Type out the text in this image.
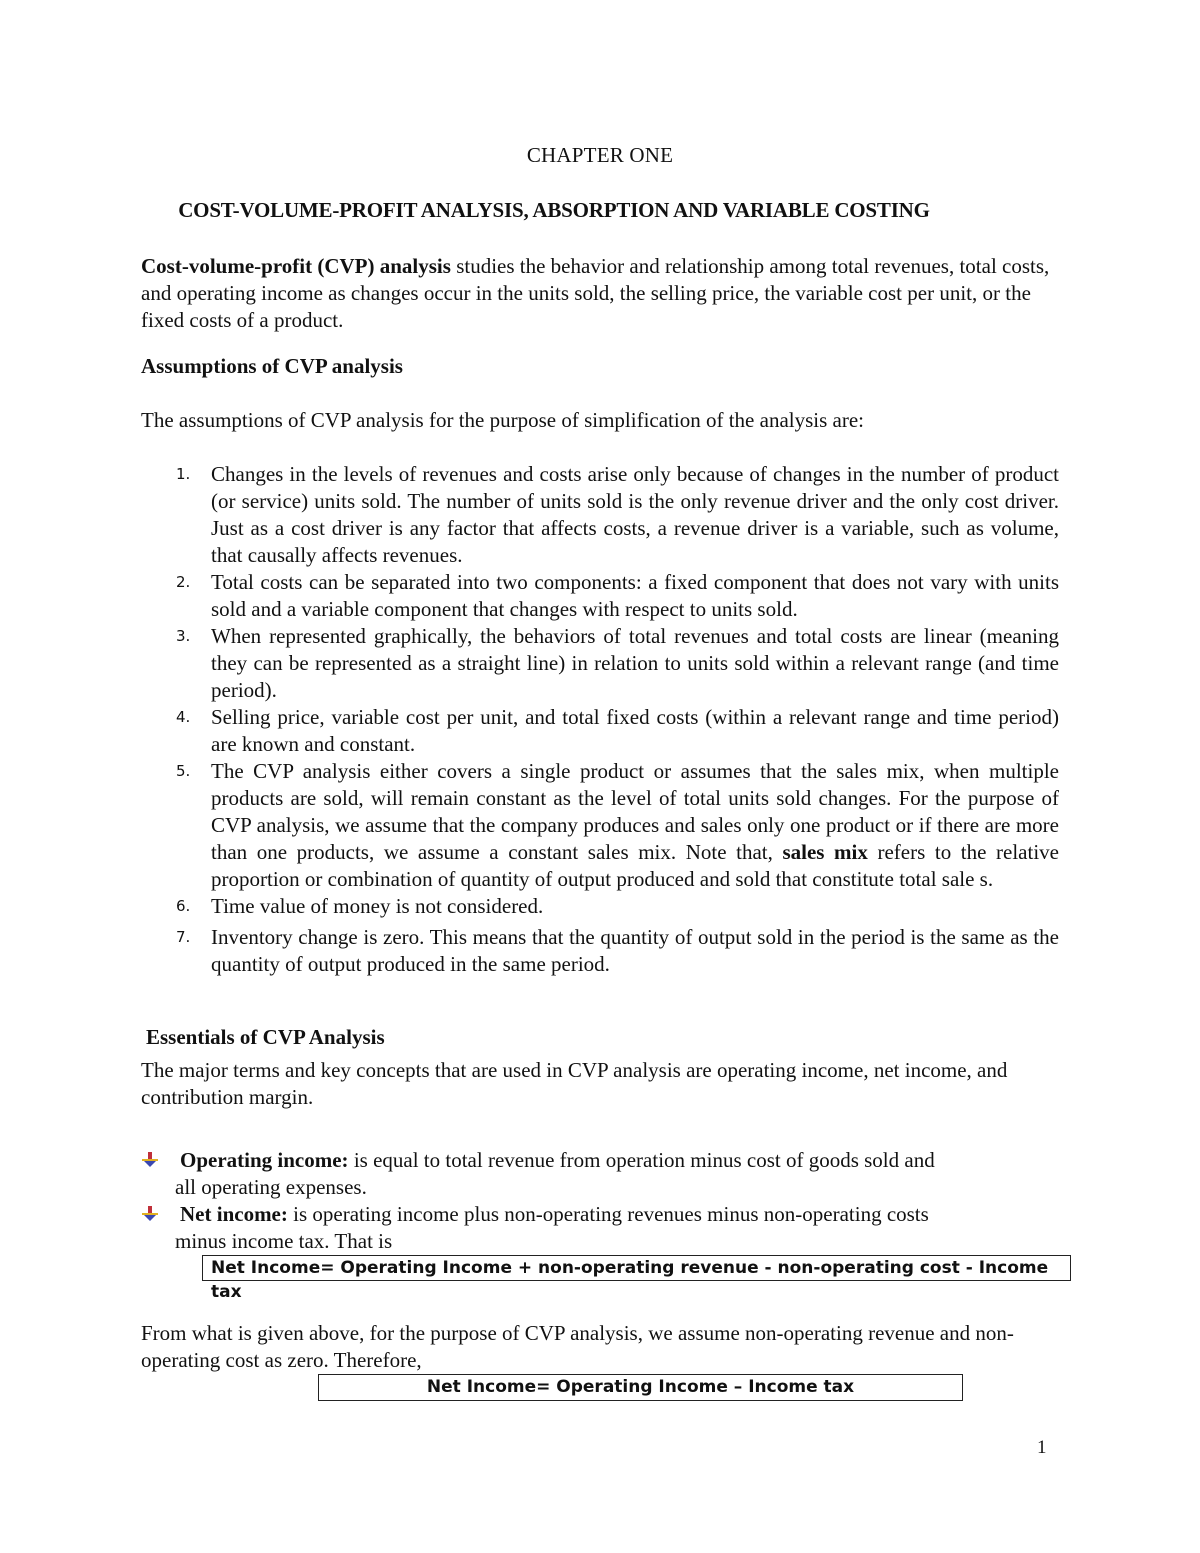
CHAPTER ONE

COST-VOLUME-PROFIT ANALYSIS, ABSORPTION AND VARIABLE COSTING

Cost-volume-profit (CVP) analysis studies the behavior and relationship among total revenues, total costs, and operating income as changes occur in the units sold, the selling price, the variable cost per unit, or the fixed costs of a product.

Assumptions of CVP analysis

The assumptions of CVP analysis for the purpose of simplification of the analysis are:

1. Changes in the levels of revenues and costs arise only because of changes in the number of product (or service) units sold. The number of units sold is the only revenue driver and the only cost driver. Just as a cost driver is any factor that affects costs, a revenue driver is a variable, such as volume, that causally affects revenues.
2. Total costs can be separated into two components: a fixed component that does not vary with units sold and a variable component that changes with respect to units sold.
3. When represented graphically, the behaviors of total revenues and total costs are linear (meaning they can be represented as a straight line) in relation to units sold within a relevant range (and time period).
4. Selling price, variable cost per unit, and total fixed costs (within a relevant range and time period) are known and constant.
5. The CVP analysis either covers a single product or assumes that the sales mix, when multiple products are sold, will remain constant as the level of total units sold changes. For the purpose of CVP analysis, we assume that the company produces and sales only one product or if there are more than one products, we assume a constant sales mix. Note that, sales mix refers to the relative proportion or combination of quantity of output produced and sold that constitute total sale s.
6. Time value of money is not considered.
7. Inventory change is zero. This means that the quantity of output sold in the period is the same as the quantity of output produced in the same period.

Essentials of CVP Analysis

The major terms and key concepts that are used in CVP analysis are operating income, net income, and contribution margin.

Operating income: is equal to total revenue from operation minus cost of goods sold and
all operating expenses.
Net income: is operating income plus non-operating revenues minus non-operating costs
minus income tax. That is
Net Income= Operating Income + non-operating revenue - non-operating cost - Income tax

From what is given above, for the purpose of CVP analysis, we assume non-operating revenue and non- operating cost as zero. Therefore,

Net Income= Operating Income – Income tax

1
